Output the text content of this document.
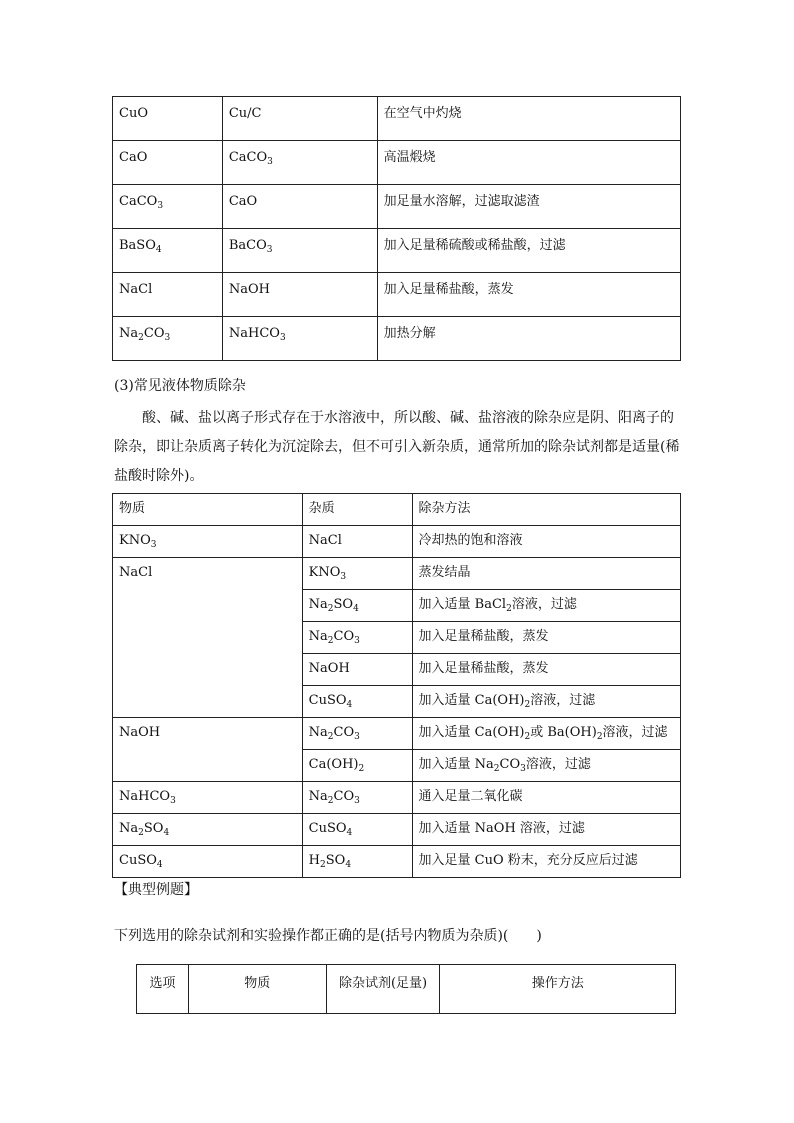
CuO	Cu/C	在空气中灼烧
CaO	CaCO$_3$	高温煅烧
CaCO$_3$	CaO	加足量水溶解，过滤取滤渣
BaSO$_4$	BaCO$_3$	加入足量稀硫酸或稀盐酸，过滤
NaCl	NaOH	加入足量稀盐酸，蒸发
$Na_2CO_3$	NaHCO$_3$	加热分解
(3)常见液体物质除杂
酸、碱、盐以离子形式存在于水溶液中，所以酸、碱、盐溶液的除杂应是阴、阳离子的除杂，即让杂质离子转化为沉淀除去，但不可引入新杂质，通常所加的除杂试剂都是适量(稀盐酸时除外)。
物质	杂质	除杂方法
$KNO_3$	NaCl	冷却热的饱和溶液
NaCl	$KNO_3$	蒸发结晶
	$Na_2SO_4$	加入适量 BaCl$_2$溶液，过滤
	$Na_2CO_3$	加入足量稀盐酸，蒸发
	NaOH	加入足量稀盐酸，蒸发
	CuSO$_4$	加入适量 $Ca(OH)_2$溶液，过滤
NaOH	$Na_2CO_3$	加入适量 $Ca(OH)_2$或 $Ba(OH)_2$溶液，过滤
	$Ca(OH)_2$	加入适量 $Na_2CO_3$溶液，过滤
NaHCO$_3$	$Na_2CO_3$	通入足量二氧化碳
$Na_2SO_4$	CuSO$_4$	加入适量 NaOH 溶液，过滤
CuSO$_4$	$H_2SO_4$	加入足量 CuO 粉末，充分反应后过滤
【典型例题】
下列选用的除杂试剂和实验操作都正确的是(括号内物质为杂质)(　　)
选项	物质	除杂试剂(足量)	操作方法
